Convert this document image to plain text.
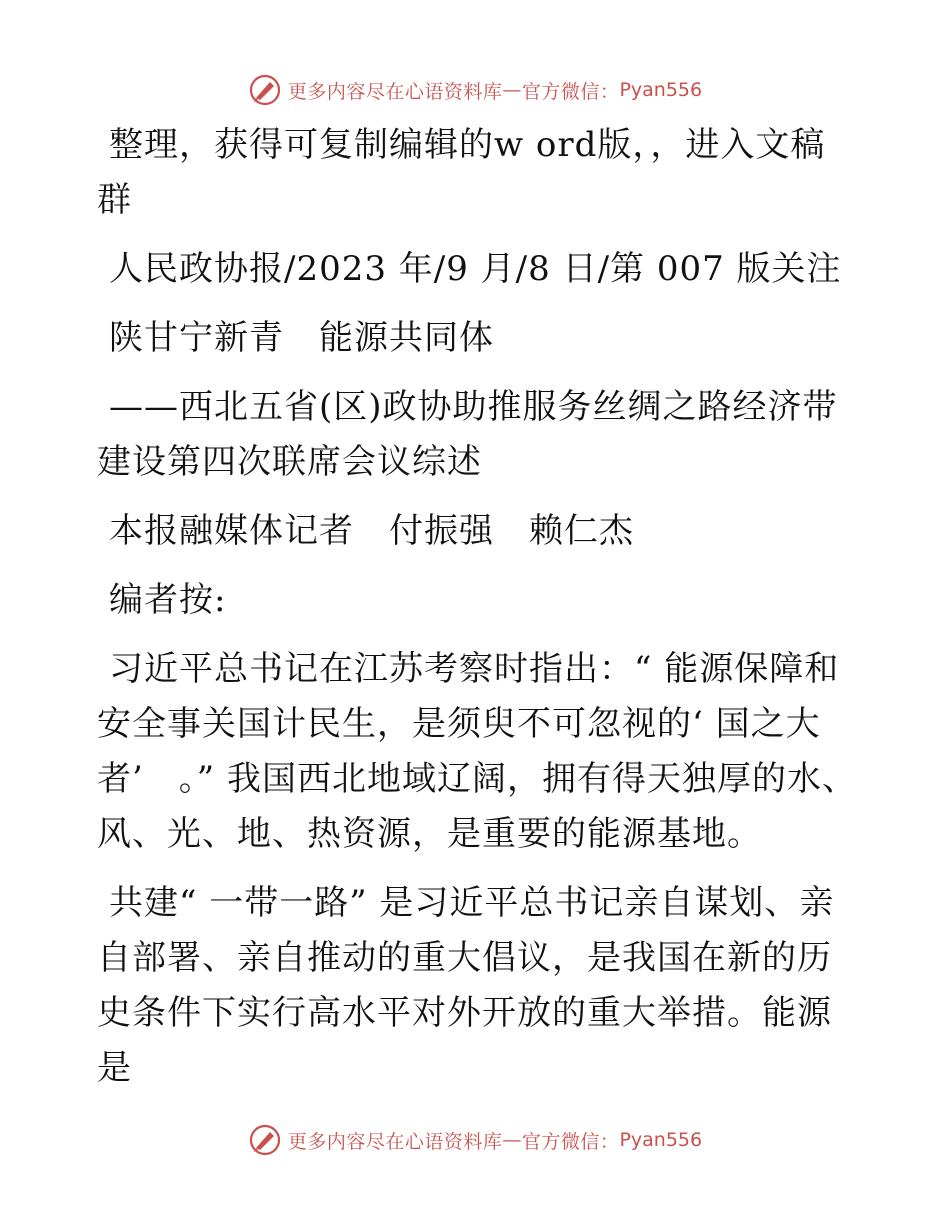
更多内容尽在心语资料库 — 官方微信： Pyan556

整理，获得可复制编辑的w ord版，，进入文稿群

人民政协报/2023 年/9 月/8 日/第 007 版关注

陕甘宁新青　能源共同体

——西北五省(区)政协助推服务丝绸之路经济带建设第四次联席会议综述

本报融媒体记者　付振强　赖仁杰

编者按:

习近平总书记在江苏考察时指出：“ 能源保障和安全事关国计民生，是须臾不可忽视的‘ 国之大者’　。” 我国西北地域辽阔，拥有得天独厚的水、风、光、地、热资源，是重要的能源基地。

共建“ 一带一路” 是习近平总书记亲自谋划、亲自部署、亲自推动的重大倡议，是我国在新的历史条件下实行高水平对外开放的重大举措。能源是

更多内容尽在心语资料库 — 官方微信： Pyan556
